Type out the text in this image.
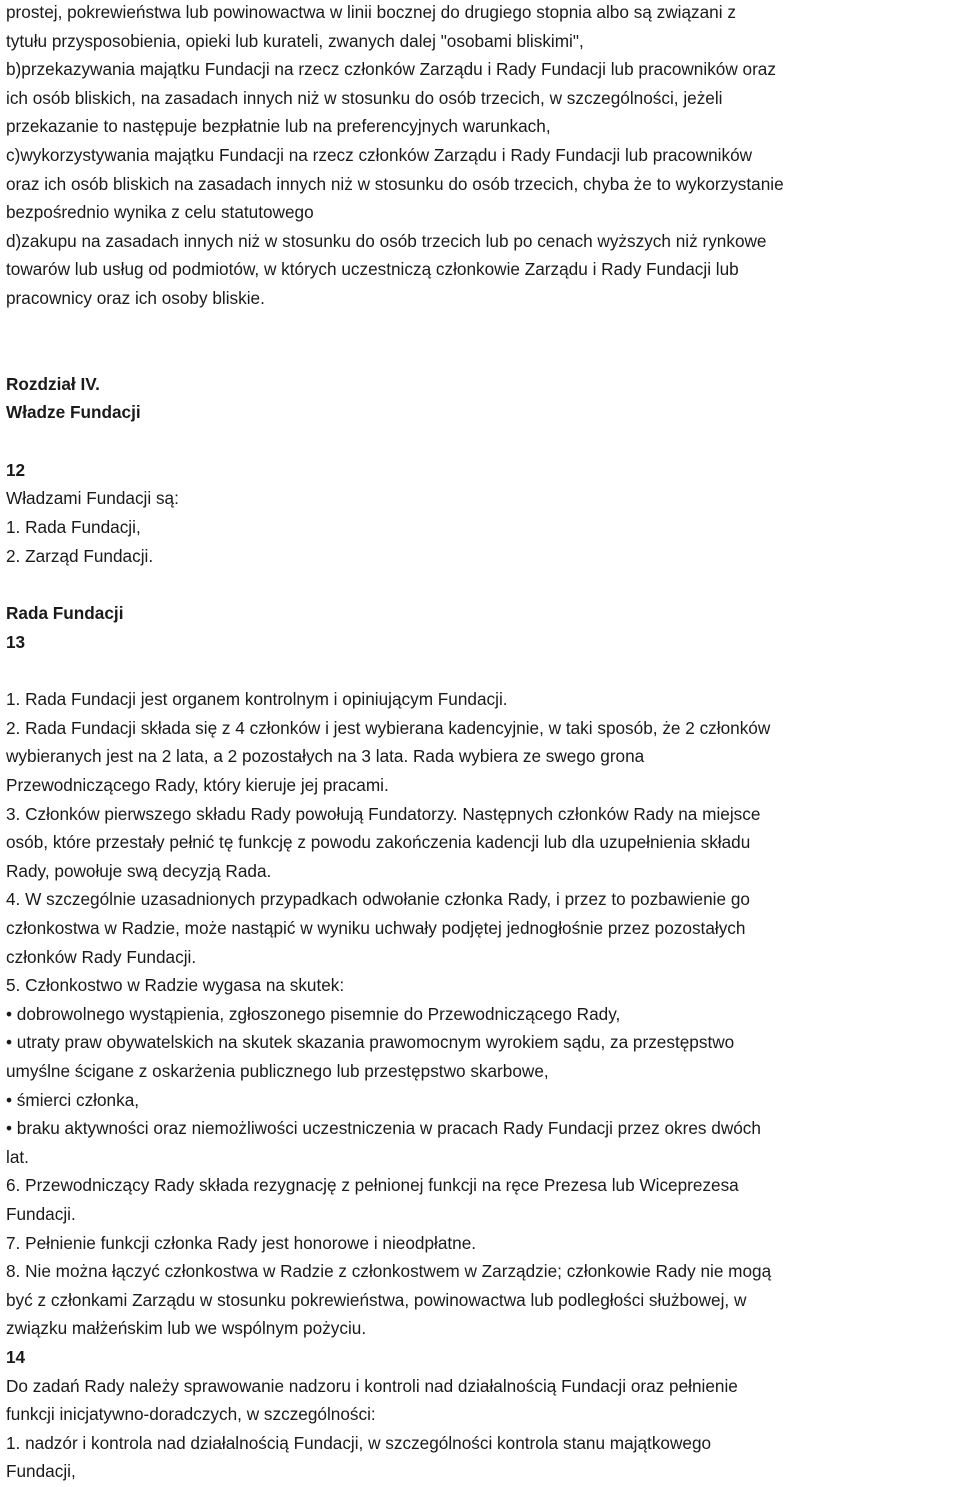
prostej, pokrewieństwa lub powinowactwa w linii bocznej do drugiego stopnia albo są związani z
tytułu przysposobienia, opieki lub kurateli, zwanych dalej "osobami bliskimi",
b)przekazywania majątku Fundacji na rzecz członków Zarządu i Rady Fundacji lub pracowników oraz
ich osób bliskich, na zasadach innych niż w stosunku do osób trzecich, w szczególności, jeżeli
przekazanie to następuje bezpłatnie lub na preferencyjnych warunkach,
c)wykorzystywania majątku Fundacji na rzecz członków Zarządu i Rady Fundacji lub pracowników
oraz ich osób bliskich na zasadach innych niż w stosunku do osób trzecich, chyba że to wykorzystanie
bezpośrednio wynika z celu statutowego
d)zakupu na zasadach innych niż w stosunku do osób trzecich lub po cenach wyższych niż rynkowe
towarów lub usług od podmiotów, w których uczestniczą członkowie Zarządu i Rady Fundacji lub
pracownicy oraz ich osoby bliskie.
Rozdział IV.
Władze Fundacji
12
Władzami Fundacji są:
1. Rada Fundacji,
2. Zarząd Fundacji.
Rada Fundacji
13
1. Rada Fundacji jest organem kontrolnym i opiniującym Fundacji.
2. Rada Fundacji składa się z 4 członków i jest wybierana kadencyjnie, w taki sposób, że 2 członków
wybieranych jest na 2 lata, a 2 pozostałych na 3 lata. Rada wybiera ze swego grona
Przewodniczącego Rady, który kieruje jej pracami.
3. Członków pierwszego składu Rady powołują Fundatorzy. Następnych członków Rady na miejsce
osób, które przestały pełnić tę funkcję z powodu zakończenia kadencji lub dla uzupełnienia składu
Rady, powołuje swą decyzją Rada.
4. W szczególnie uzasadnionych przypadkach odwołanie członka Rady, i przez to pozbawienie go
członkostwa w Radzie, może nastąpić w wyniku uchwały podjętej jednogłośnie przez pozostałych
członków Rady Fundacji.
5. Członkostwo w Radzie wygasa na skutek:
• dobrowolnego wystąpienia, zgłoszonego pisemnie do Przewodniczącego Rady,
• utraty praw obywatelskich na skutek skazania prawomocnym wyrokiem sądu, za przestępstwo
umyślne ścigane z oskarżenia publicznego lub przestępstwo skarbowe,
• śmierci członka,
• braku aktywności oraz niemożliwości uczestniczenia w pracach Rady Fundacji przez okres dwóch
lat.
6. Przewodniczący Rady składa rezygnację z pełnionej funkcji na ręce Prezesa lub Wiceprezesa
Fundacji.
7. Pełnienie funkcji członka Rady jest honorowe i nieodpłatne.
8. Nie można łączyć członkostwa w Radzie z członkostwem w Zarządzie; członkowie Rady nie mogą
być z członkami Zarządu w stosunku pokrewieństwa, powinowactwa lub podległości służbowej, w
związku małżeńskim lub we wspólnym pożyciu.
14
Do zadań Rady należy sprawowanie nadzoru i kontroli nad działalnością Fundacji oraz pełnienie
funkcji inicjatywno-doradczych, w szczególności:
1. nadzór i kontrola nad działalnością Fundacji, w szczególności kontrola stanu majątkowego
Fundacji,
